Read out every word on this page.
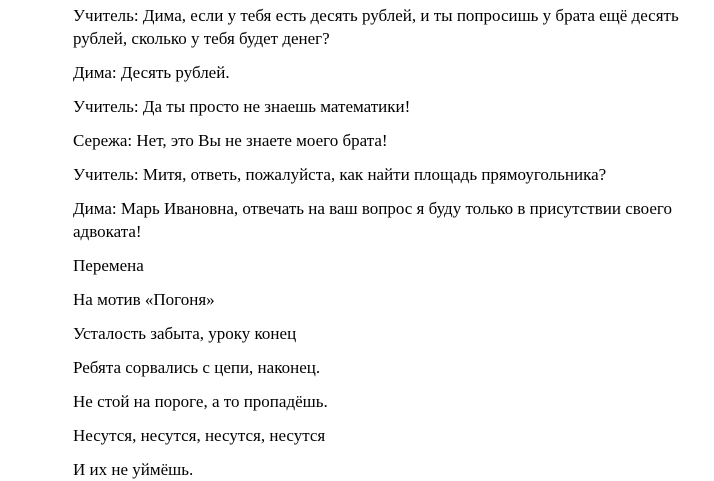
Учитель: Дима, если у тебя есть десять рублей, и ты попросишь у брата ещё десять рублей, сколько у тебя будет денег?

Дима: Десять рублей.

Учитель: Да ты просто не знаешь математики!

Сережа: Нет, это Вы не знаете моего брата!

Учитель: Митя, ответь, пожалуйста, как найти площадь прямоугольника?

Дима: Марь Ивановна, отвечать на ваш вопрос я буду только в присутствии своего адвоката!

Перемена

На мотив «Погоня»

Усталость забыта, уроку конец

Ребята сорвались с цепи, наконец.

Не стой на пороге, а то пропадёшь.

Несутся, несутся, несутся, несутся

И их не уймёшь.
